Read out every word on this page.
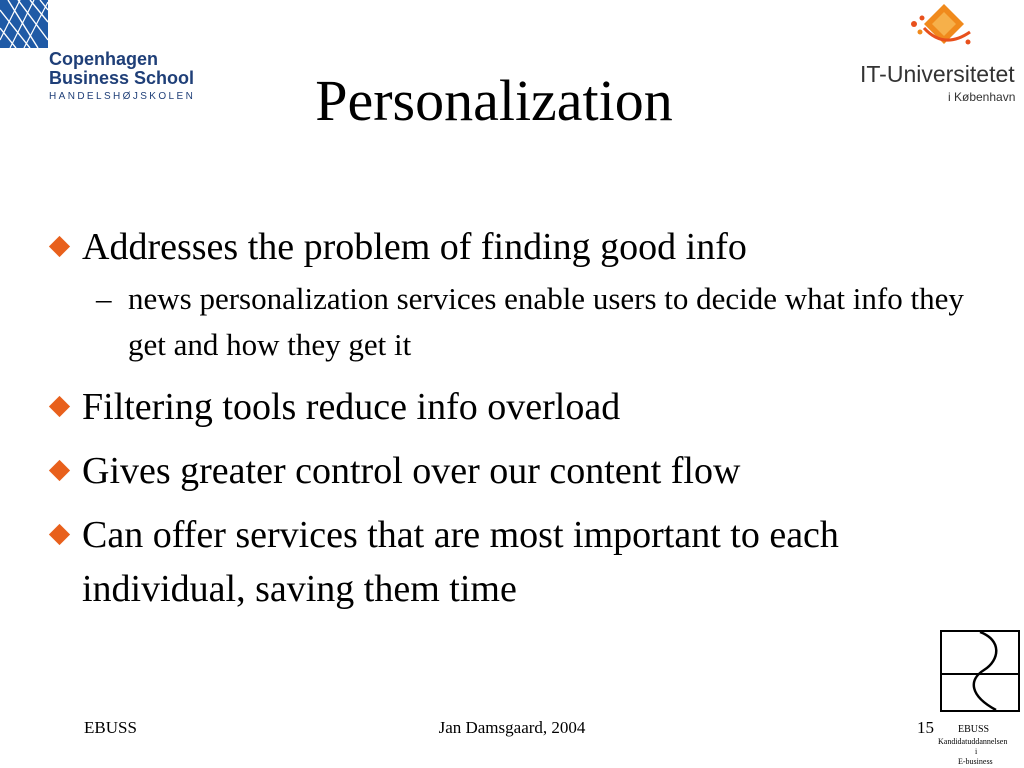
Copenhagen
Business School
HANDELSHØJSKOLEN
IT-Universitetet
i København
Personalization
Addresses the problem of finding good info
– news personalization services enable users to decide what info they get and how they get it
Filtering tools reduce info overload
Gives greater control over our content flow
Can offer services that are most important to each individual, saving them time
EBUSS
Kandidatuddannelsen
i
E-business
EBUSS	Jan Damsgaard, 2004	15
